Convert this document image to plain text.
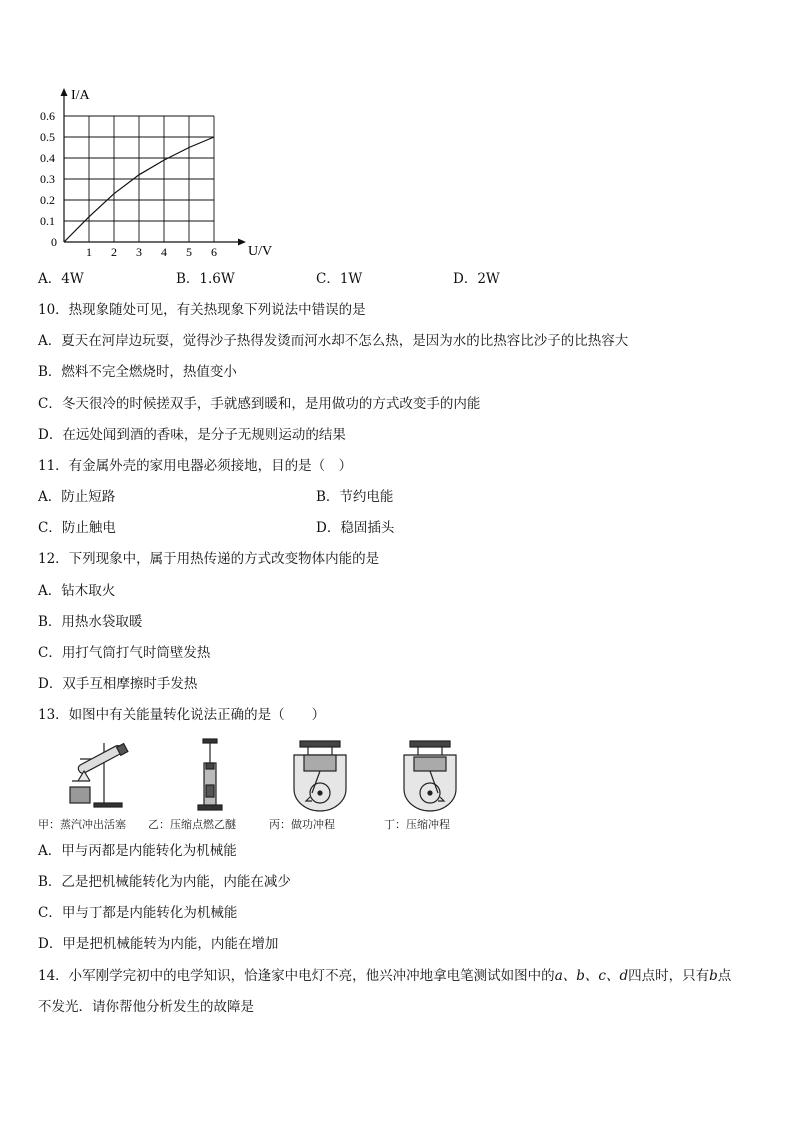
I/A
U/V
0
1 2 3 4 5 6
0.6
0.5
0.4
0.3
0.2
0.1
A．4W	B．1.6W	C．1W	D．2W
10．热现象随处可见，有关热现象下列说法中错误的是
A．夏天在河岸边玩耍，觉得沙子热得发烫而河水却不怎么热，是因为水的比热容比沙子的比热容大
B．燃料不完全燃烧时，热值变小
C．冬天很冷的时候搓双手，手就感到暖和，是用做功的方式改变手的内能
D．在远处闻到酒的香味，是分子无规则运动的结果
11．有金属外壳的家用电器必须接地，目的是（　）
A．防止短路	B．节约电能
C．防止触电	D．稳固插头
12．下列现象中，属于用热传递的方式改变物体内能的是
A．钻木取火
B．用热水袋取暖
C．用打气筒打气时筒壁发热
D．双手互相摩擦时手发热
13．如图中有关能量转化说法正确的是（　　）
甲：蒸汽冲出活塞 乙：压缩点燃乙醚	丙：做功冲程	丁：压缩冲程
A．甲与丙都是内能转化为机械能
B．乙是把机械能转化为内能，内能在减少
C．甲与丁都是内能转化为机械能
D．甲是把机械能转为内能，内能在增加
14．小军刚学完初中的电学知识，恰逢家中电灯不亮，他兴冲冲地拿电笔测试如图中的a、b、c、d四点时，只有b点
不发光．请你帮他分析发生的故障是
